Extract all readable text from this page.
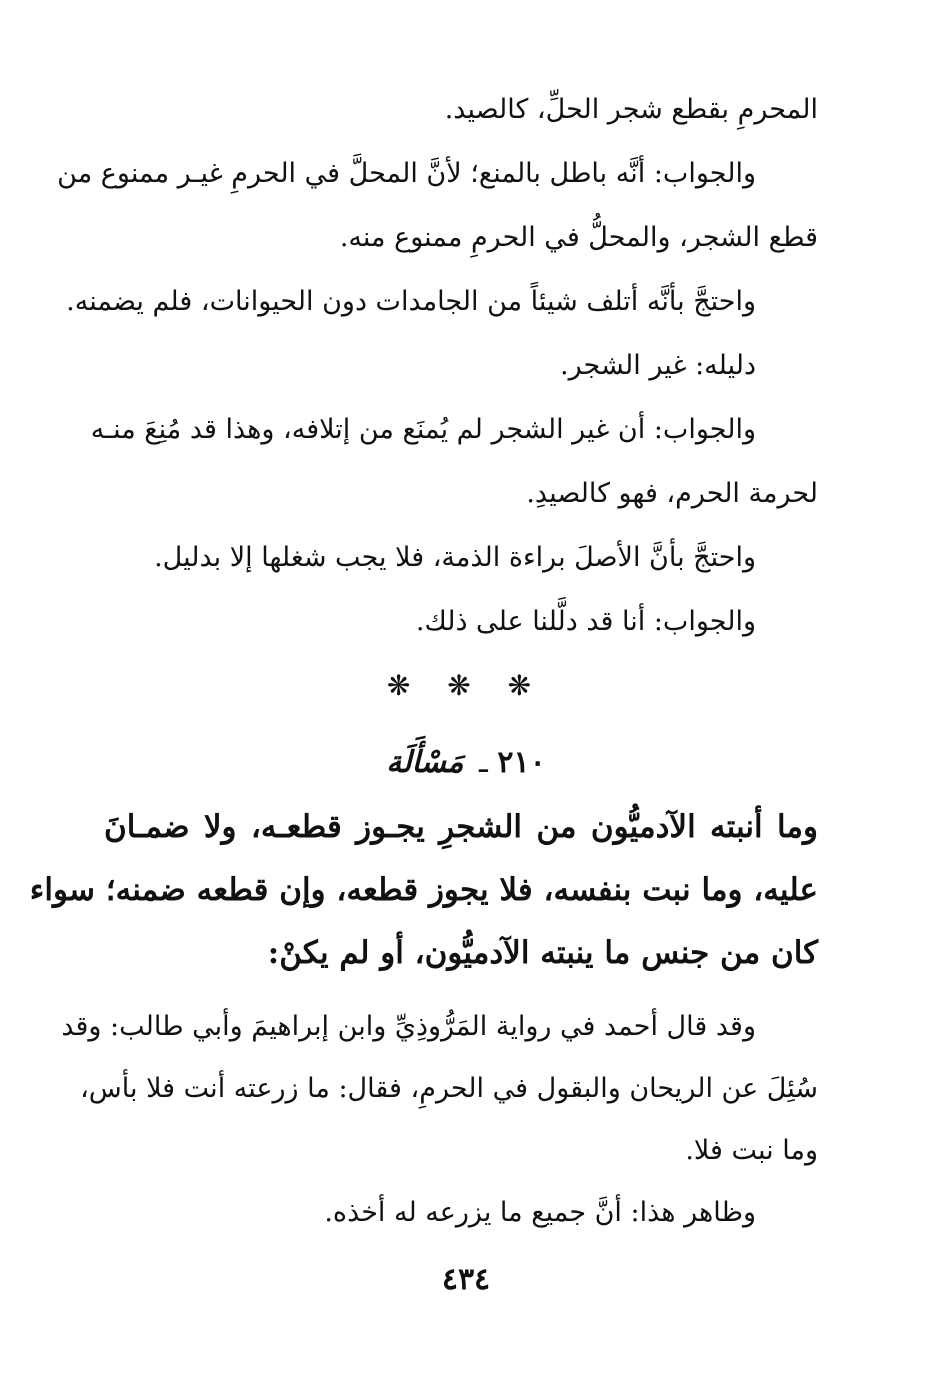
المحرمِ بقطع شجر الحلِّ، كالصيد.
والجواب: أنَّه باطل بالمنع؛ لأنَّ المحلَّ في الحرمِ غيـر ممنوع من
قطع الشجر، والمحلُّ في الحرمِ ممنوع منه.
واحتجَّ بأنَّه أتلف شيئاً من الجامدات دون الحيوانات، فلم يضمنه.
دليله: غير الشجر.
والجواب: أن غير الشجر لم يُمنَع من إتلافه، وهذا قد مُنِعَ منـه
لحرمة الحرم، فهو كالصيدِ.
واحتجَّ بأنَّ الأصلَ براءة الذمة، فلا يجب شغلها إلا بدليل.
والجواب: أنا قد دلَّلنا على ذلك.
❋ ❋ ❋
٢١٠ ـ مَسْأَلَة
وما أنبته الآدميُّون من الشجرِ يجـوز قطعـه، ولا ضمـانَ
عليه، وما نبت بنفسه، فلا يجوز قطعه، وإن قطعه ضمنه؛ سواء
كان من جنس ما ينبته الآدميُّون، أو لم يكنْ:
وقد قال أحمد في رواية المَرُّوذِيِّ وابن إبراهيمَ وأبي طالب: وقد
سُئِلَ عن الريحان والبقول في الحرمِ، فقال: ما زرعته أنت فلا بأس،
وما نبت فلا.
وظاهر هذا: أنَّ جميع ما يزرعه له أخذه.
٤٣٤
